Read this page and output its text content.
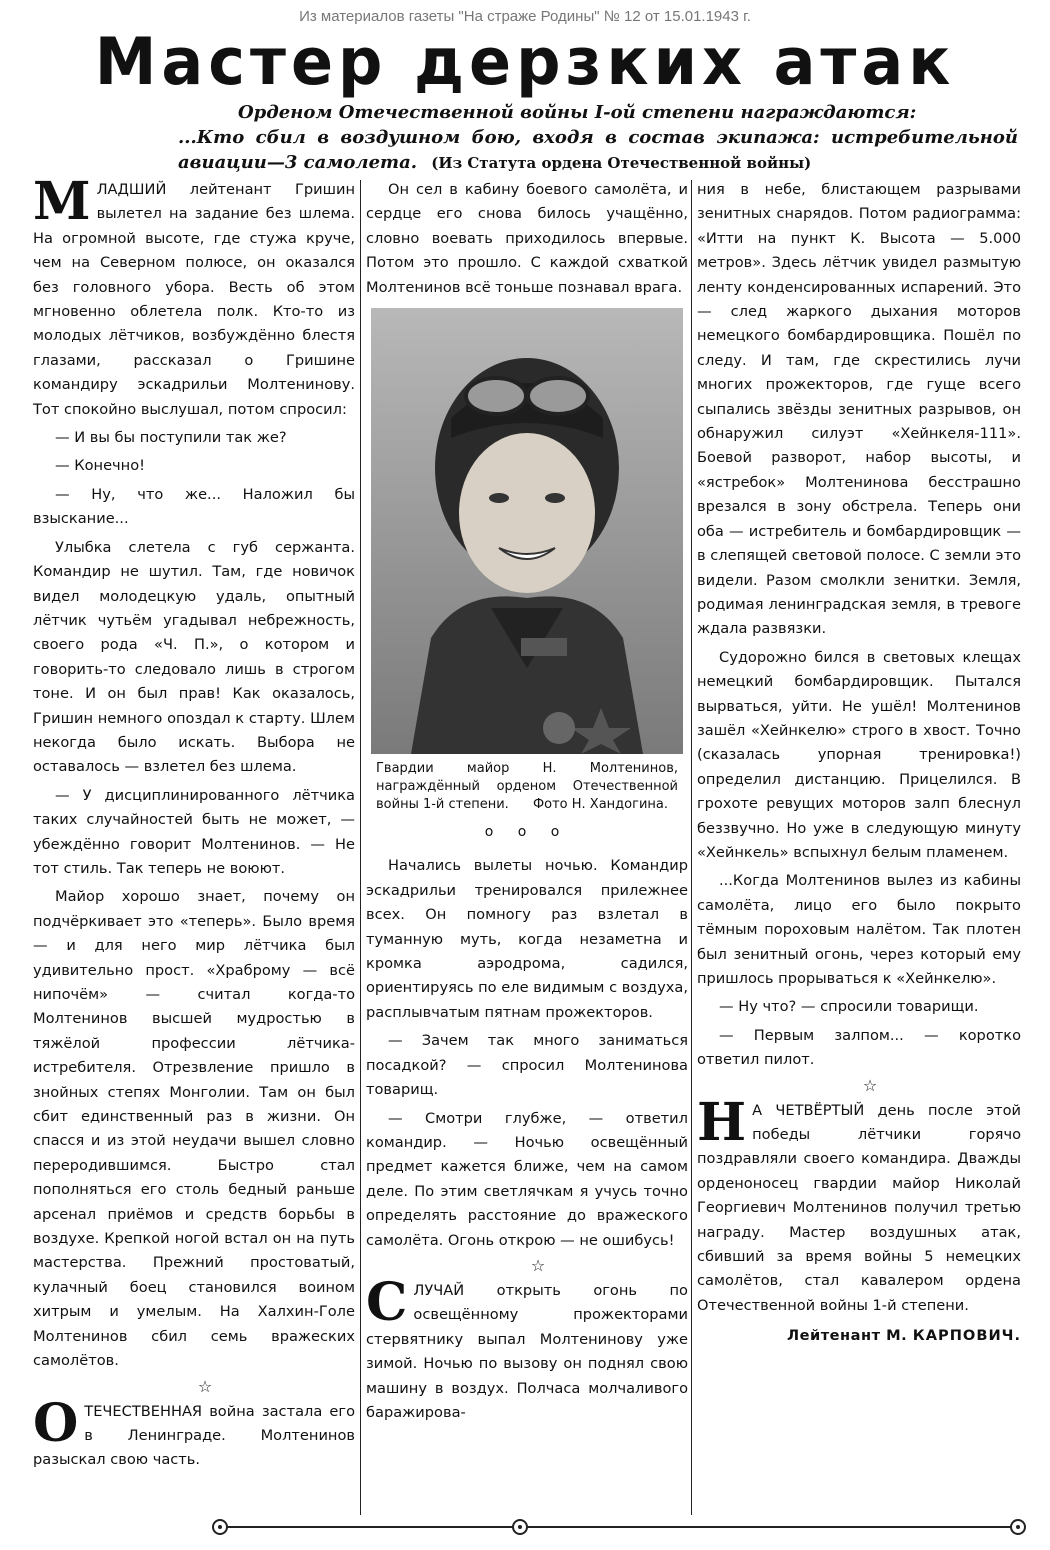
Из материалов газеты "На страже Родины" № 12 от 15.01.1943 г.
Мастер дерзких атак
Орденом Отечественной войны I-ой степени награждаются:
...Кто сбил в воздушном бою, входя в состав экипажа: истребительной авиации—3 самолета. (Из Статута ордена Отечественной войны)

М ЛАДШИЙ лейтенант Гришин вылетел на задание без шлема. На огромной высоте, где стужа круче, чем на Северном полюсе, он оказался без головного убора. Весть об этом мгновенно облетела полк. Кто-то из молодых лётчиков, возбуждённо блестя глазами, рассказал о Гришине командиру эскадрильи Молтенинову. Тот спокойно выслушал, потом спросил:

— И вы бы поступили так же?

— Конечно!

— Ну, что же... Наложил бы взыскание...

Улыбка слетела с губ сержанта. Командир не шутил. Там, где новичок видел молодецкую удаль, опытный лётчик чутьём угадывал небрежность, своего рода «Ч. П.», о котором и говорить-то следовало лишь в строгом тоне. И он был прав! Как оказалось, Гришин немного опоздал к старту. Шлем некогда было искать. Выбора не оставалось — взлетел без шлема.

— У дисциплинированного лётчика таких случайностей быть не может, — убеждённо говорит Молтенинов. — Не тот стиль. Так теперь не воюют.

Майор хорошо знает, почему он подчёркивает это «теперь». Было время — и для него мир лётчика был удивительно прост. «Храброму — всё нипочём» — считал когда-то Молтенинов высшей мудростью в тяжёлой профессии лётчика-истребителя. Отрезвление пришло в знойных степях Монголии. Там он был сбит единственный раз в жизни. Он спасся и из этой неудачи вышел словно переродившимся. Быстро стал пополняться его столь бедный раньше арсенал приёмов и средств борьбы в воздухе. Крепкой ногой встал он на путь мастерства. Прежний простоватый, кулачный боец становился воином хитрым и умелым. На Халхин-Голе Молтенинов сбил семь вражеских самолётов.

☆

О ТЕЧЕСТВЕННАЯ война застала его в Ленинграде. Молтенинов разыскал свою часть.

Он сел в кабину боевого самолёта, и сердце его снова билось учащённо, словно воевать приходилось впервые. Потом это прошло. С каждой схваткой Молтенинов всё тоньше познавал врага.

Гвардии майор Н. Молтенинов, награждённый орденом Отечественной войны 1-й степени. Фото Н. Хандогина.
o o o

Начались вылеты ночью. Командир эскадрильи тренировался прилежнее всех. Он помногу раз взлетал в туманную муть, когда незаметна и кромка аэродрома, садился, ориентируясь по еле видимым с воздуха, расплывчатым пятнам прожекторов.

— Зачем так много заниматься посадкой? — спросил Молтенинова товарищ.

— Смотри глубже, — ответил командир. — Ночью освещённый предмет кажется ближе, чем на самом деле. По этим светлячкам я учусь точно определять расстояние до вражеского самолёта. Огонь открою — не ошибусь!

☆

С ЛУЧАЙ открыть огонь по освещённому прожекторами стервятнику выпал Молтенинову уже зимой. Ночью по вызову он поднял свою машину в воздух. Полчаса молчаливого баражирова-

ния в небе, блистающем разрывами зенитных снарядов. Потом радиограмма: «Итти на пункт К. Высота — 5.000 метров». Здесь лётчик увидел размытую ленту конденсированных испарений. Это — след жаркого дыхания моторов немецкого бомбардировщика. Пошёл по следу. И там, где скрестились лучи многих прожекторов, где гуще всего сыпались звёзды зенитных разрывов, он обнаружил силуэт «Хейнкеля-111». Боевой разворот, набор высоты, и «ястребок» Молтенинова бесстрашно врезался в зону обстрела. Теперь они оба — истребитель и бомбардировщик — в слепящей световой полосе. С земли это видели. Разом смолкли зенитки. Земля, родимая ленинградская земля, в тревоге ждала развязки.

Судорожно бился в световых клещах немецкий бомбардировщик. Пытался вырваться, уйти. Не ушёл! Молтенинов зашёл «Хейнкелю» строго в хвост. Точно (сказалась упорная тренировка!) определил дистанцию. Прицелился. В грохоте ревущих моторов залп блеснул беззвучно. Но уже в следующую минуту «Хейнкель» вспыхнул белым пламенем.

...Когда Молтенинов вылез из кабины самолёта, лицо его было покрыто тёмным пороховым налётом. Так плотен был зенитный огонь, через который ему пришлось прорываться к «Хейнкелю».

— Ну что? — спросили товарищи.

— Первым залпом... — коротко ответил пилот.

☆

Н А ЧЕТВЁРТЫЙ день после этой победы лётчики горячо поздравляли своего командира. Дважды орденоносец гвардии майор Николай Георгиевич Молтенинов получил третью награду. Мастер воздушных атак, сбивший за время войны 5 немецких самолётов, стал кавалером ордена Отечественной войны 1-й степени.

Лейтенант М. КАРПОВИЧ.
